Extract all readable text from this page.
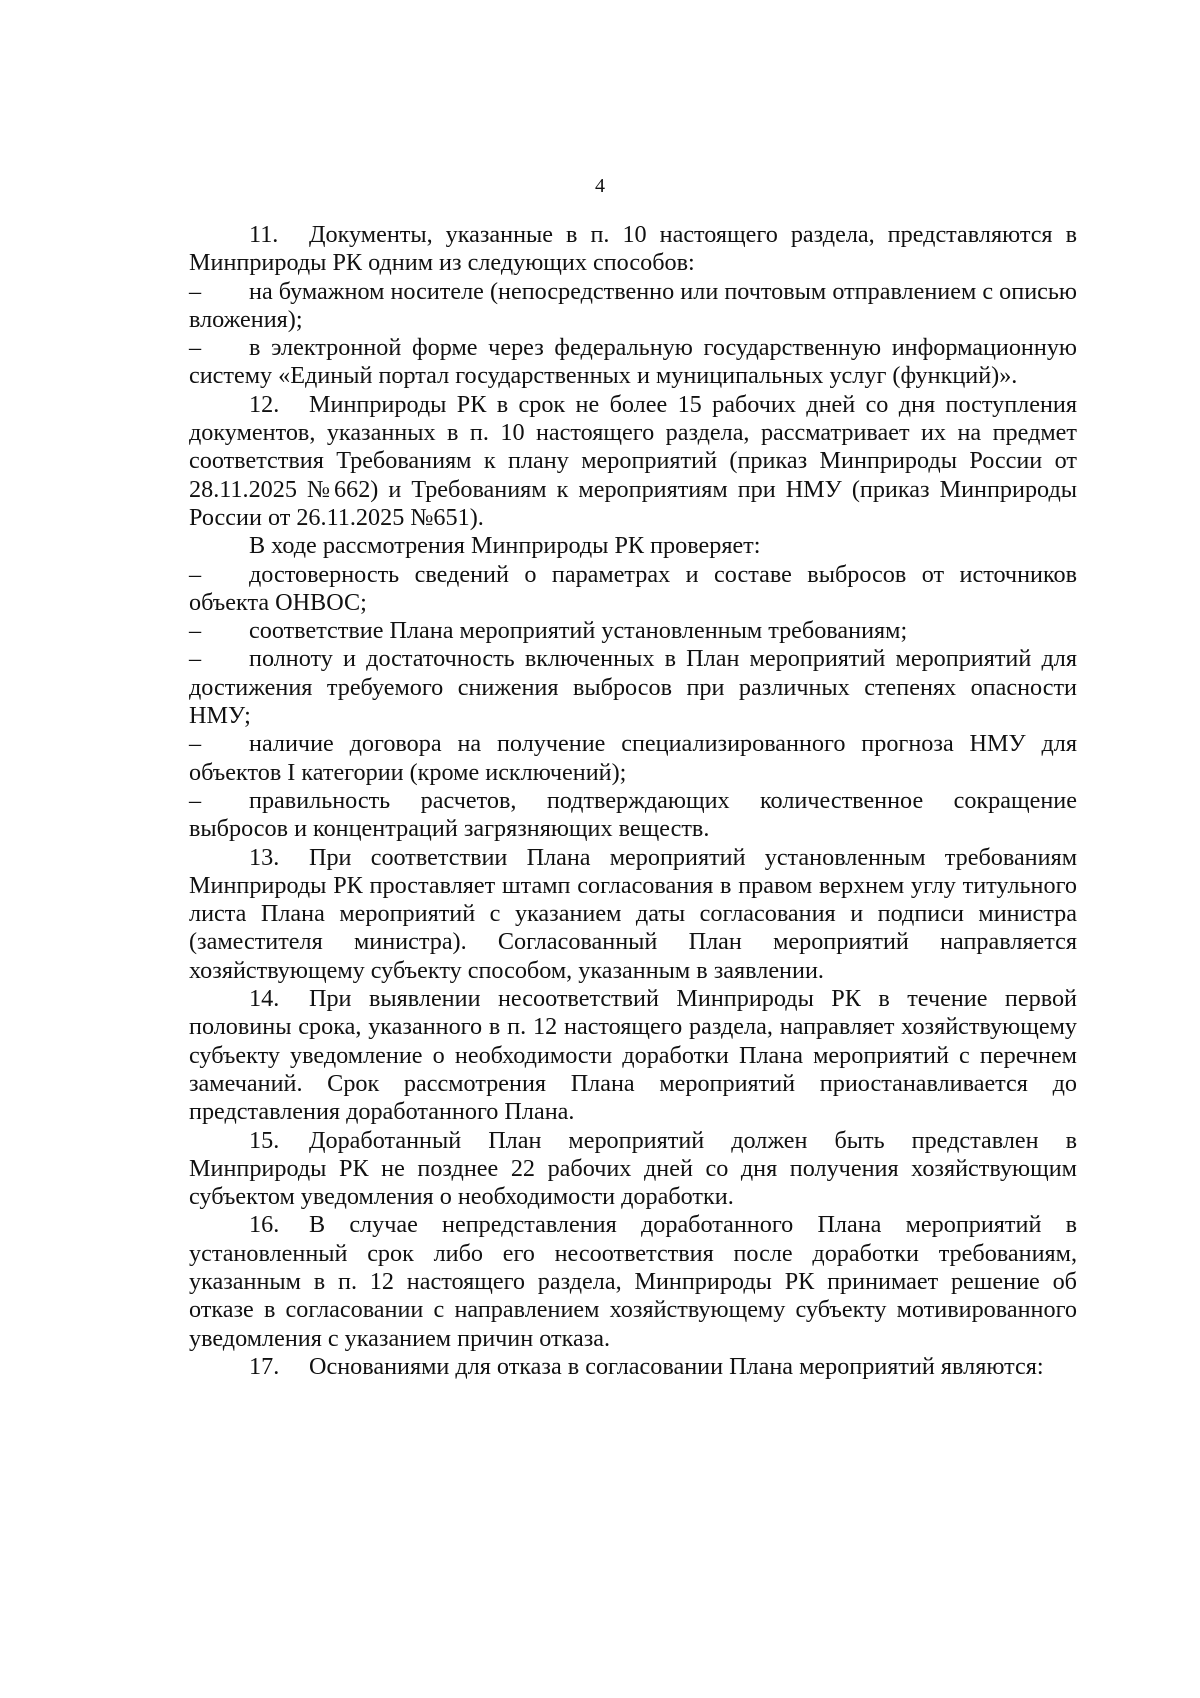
4

11. Документы, указанные в п. 10 настоящего раздела, представляются в Минприроды РК одним из следующих способов:

– на бумажном носителе (непосредственно или почтовым отправлением с описью вложения);

– в электронной форме через федеральную государственную информационную систему «Единый портал государственных и муниципальных услуг (функций)».

12. Минприроды РК в срок не более 15 рабочих дней со дня поступления документов, указанных в п. 10 настоящего раздела, рассматривает их на предмет соответствия Требованиям к плану мероприятий (приказ Минприроды России от 28.11.2025 №662) и Требованиям к мероприятиям при НМУ (приказ Минприроды России от 26.11.2025 №651).

В ходе рассмотрения Минприроды РК проверяет:

– достоверность сведений о параметрах и составе выбросов от источников объекта ОНВОС;

– соответствие Плана мероприятий установленным требованиям;

– полноту и достаточность включенных в План мероприятий мероприятий для достижения требуемого снижения выбросов при различных степенях опасности НМУ;

– наличие договора на получение специализированного прогноза НМУ для объектов I категории (кроме исключений);

– правильность расчетов, подтверждающих количественное сокращение выбросов и концентраций загрязняющих веществ.

13. При соответствии Плана мероприятий установленным требованиям Минприроды РК проставляет штамп согласования в правом верхнем углу титульного листа Плана мероприятий с указанием даты согласования и подписи министра (заместителя министра). Согласованный План мероприятий направляется хозяйствующему субъекту способом, указанным в заявлении.

14. При выявлении несоответствий Минприроды РК в течение первой половины срока, указанного в п. 12 настоящего раздела, направляет хозяйствующему субъекту уведомление о необходимости доработки Плана мероприятий с перечнем замечаний. Срок рассмотрения Плана мероприятий приостанавливается до представления доработанного Плана.

15. Доработанный План мероприятий должен быть представлен в Минприроды РК не позднее 22 рабочих дней со дня получения хозяйствующим субъектом уведомления о необходимости доработки.

16. В случае непредставления доработанного Плана мероприятий в установленный срок либо его несоответствия после доработки требованиям, указанным в п. 12 настоящего раздела, Минприроды РК принимает решение об отказе в согласовании с направлением хозяйствующему субъекту мотивированного уведомления с указанием причин отказа.

17. Основаниями для отказа в согласовании Плана мероприятий являются:
